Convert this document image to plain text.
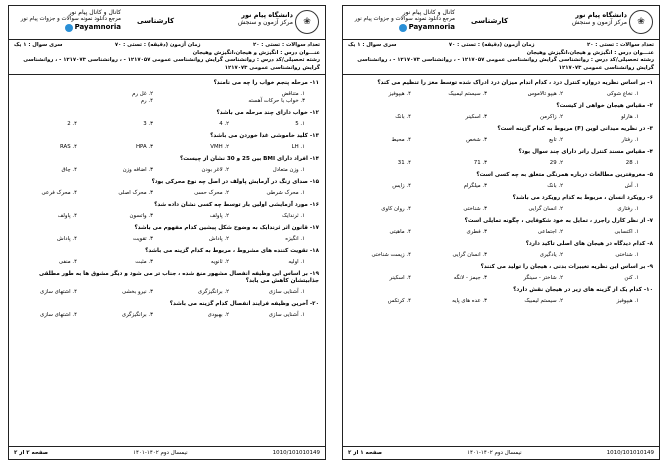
❀
دانشگاه پیام نور
مرکز آزمون و سنجش
کارشناسی
کانال و کانال پیام نور
مرجع دانلود نمونه سوالات و جزوات پیام نور
Payamnoria
تعداد سوالات : تستی : ۲۰
زمان آزمون (دقیقه) : تستی : ۷۰
سری سوال : ۱ یک
عنـــوان درس : انگیزش و هیجان،انگیزش وهیجان
رشته تحصیلی/کد درس : روانشناسی گرایش روانشناسی عمومی ۱۲۱۷۰۵۷ - ، روانشناسی ۱۲۱۷۰۷۳ - ، روانشناسی گرایش روانشناسی عمومی ۱۲۱۷۰۷۳
۱۱- مرحله پنجم خواب را چه می نامند؟
۱. متناقض
۲. غل رم
۳. خواب با حرکات آهسته
۴. رم
۱۲- خواب دارای چند مرحله می باشد؟
۱. 5
۲. 4
۳. 3
۴. 2
۱۳- کلید خاموشی غدا خوردن می باشد؟
۱. LH
۲. VMH
۳. HPA
۴. RAS
۱۴- افراد دارای BMI بین 25 و 30 نشان از چیست؟
۱. وزن متعادل
۲. لاغر بودن
۳. اضافه وزن
۴. چاق
۱۵- صدای زنگ در آزمایش پاولف در اصل چه نوع محرکی بود؟
۱. محرک شرطی
۲. محرک حسی
۳. محرک اصلی
۴. محرک فرعی
۱۶- مورد آزمایشی اولین بار توسط چه کسی نشان داده شد؟
۱. ثرندایک
۲. پاولف
۳. واتسون
۴. پاولف
۱۷- قانون اثر ثرندایک به وضوح شکل پیشین کدام مفهوم می باشد؟
۱. انگیزه
۲. پاداش
۳. تقویت
۴. پاداش
۱۸- تقویت کننده های مشروط ، مربوط به کدام گزینه می باشد؟
۱. اولیه
۲. ثانویه
۳. مثبت
۴. منفی
۱۹- بر اساس این وظیفه انفصال مشهور منع شده ، جناب تر می شود و دیگر مشوق ها به طور مطلقی جذابیتشان کاهش می یابد؟
۱. آشنایی سازی
۲. برانگیزگری
۳. نیرو بخشی
۴. اشتهای سازی
۲۰- آخرین وظیفه فرایند انفصال کدام گزینه می باشد؟
۱. آشنایی سازی
۲. بهبودی
۳. برانگیزگری
۴. اشتهای سازی
صفحه ۲ از ۲	نیمسال دوم ۱۴۰۲-۱۴۰۱	1010/101010149
❀
دانشگاه پیام نور
مرکز آزمون و سنجش
کارشناسی
کانال و کانال پیام نور
مرجع دانلود نمونه سوالات و جزوات پیام نور
Payamnoria
تعداد سوالات : تستی : ۲۰
زمان آزمون (دقیقه) : تستی : ۷۰
سری سوال : ۱ یک
عنـــوان درس : انگیزش و هیجان،انگیزش وهیجان
رشته تحصیلی/کد درس : روانشناسی گرایش روانشناسی عمومی ۱۲۱۷۰۵۷ - ، روانشناسی ۱۲۱۷۰۷۳ - ، روانشناسی گرایش روانشناسی عمومی ۱۲۱۷۰۷۳
۱- بر اساس نظریه دروازه کنترل درد ، کدام اندام میزان درد ادراک شده توسط مغز را تنظیم می کند؟
۱. نخاع شوکی
۲. هیپو تالاموس
۳. سیستم لیمبیک
۴. هیپوفیز
۲- مقیاس هیجان خواهی از کیست؟
۱. هارلو
۲. زاکرمن
۳. اسکینر
۴. بانک
۳- در نظریه میدانی لوین (F) مربوط به کدام گزینه است؟
۱. رفتار
۲. تابع
۳. شخص
۴. محیط
۴- مقیاس مسند کنترل راتر دارای چند سوال بود؟
۱. 28
۲. 29
۳. 71
۴. 31
۵- معروفترین مطالعات درباره همرنگی متعلق به چه کسی است؟
۱. آش
۲. بانک
۳. میلگرام
۴. زایس
۶- رویکرد انسان ، مربوط به کدام رویکرد می باشد؟
۱. رفتاری
۲. انسان گرایی
۳. شناختی
۴. روان کاوی
۷- از نظر کارل راجرز ، تمایل به خود شکوفایی ، چگونه تمایلی است؟
۱. اکتسابی
۲. اجتماعی
۳. فطری
۴. ماهیتی
۸- کدام دیدگاه در هیجان های اصلی تاکید دارد؟
۱. شناختی
۲. یادگیری
۳. انسان گرایی
۴. زیست شناختی
۹- بر اساس این نظریه تغییرات بدنی ، هیجان را تولید می کنند؟
۱. کنن
۲. شاختر - سینگر
۳. جیمز - لانگه
۴. اسکینر
۱۰- کدام یک از گزینه های زیر در هیجان نقش دارد؟
۱. هیپوفیز
۲. سیستم لیمبیک
۳. عده های پایه
۴. کرتکس
صفحه ۱ از ۲	نیمسال دوم ۱۴۰۲-۱۴۰۱	1010/101010149
